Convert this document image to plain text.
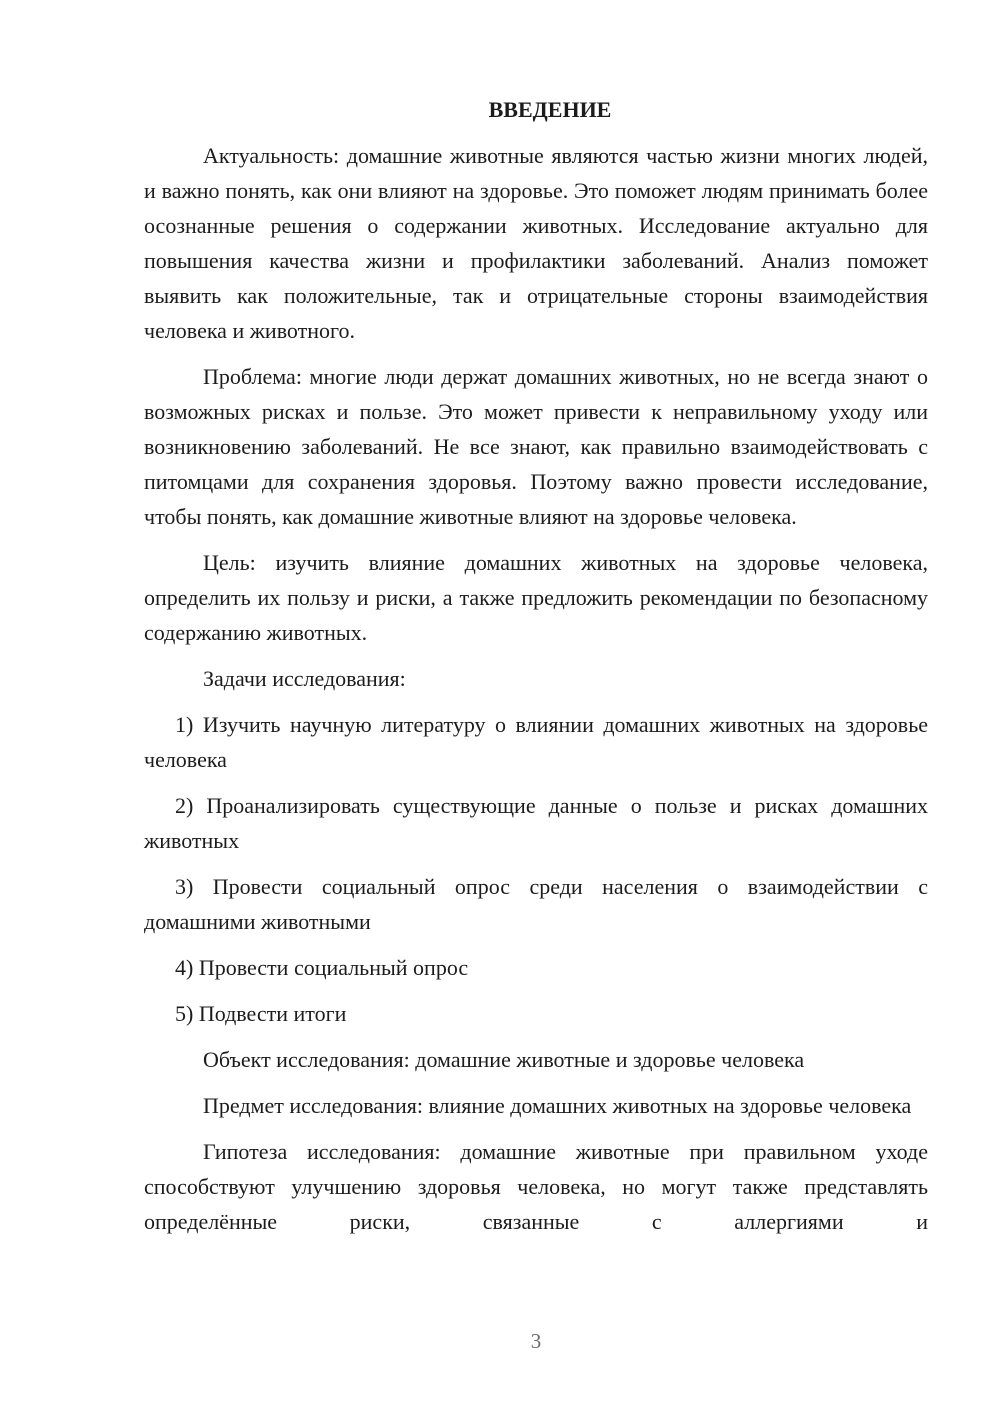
ВВЕДЕНИЕ

Актуальность: домашние животные являются частью жизни многих людей, и важно понять, как они влияют на здоровье. Это поможет людям принимать более осознанные решения о содержании животных. Исследование актуально для повышения качества жизни и профилактики заболеваний. Анализ поможет выявить как положительные, так и отрицательные стороны взаимодействия человека и животного.

Проблема: многие люди держат домашних животных, но не всегда знают о возможных рисках и пользе. Это может привести к неправильному уходу или возникновению заболеваний. Не все знают, как правильно взаимодействовать с питомцами для сохранения здоровья. Поэтому важно провести исследование, чтобы понять, как домашние животные влияют на здоровье человека.

Цель: изучить влияние домашних животных на здоровье человека, определить их пользу и риски, а также предложить рекомендации по безопасному содержанию животных.

Задачи исследования:

1) Изучить научную литературу о влиянии домашних животных на здоровье человека

2) Проанализировать существующие данные о пользе и рисках домашних животных

3) Провести социальный опрос среди населения о взаимодействии с домашними животными

4) Провести социальный опрос

5) Подвести итоги

Объект исследования: домашние животные и здоровье человека

Предмет исследования: влияние домашних животных на здоровье человека

Гипотеза исследования: домашние животные при правильном уходе способствуют улучшению здоровья человека, но могут также представлять определённые риски, связанные с аллергиями и

3
